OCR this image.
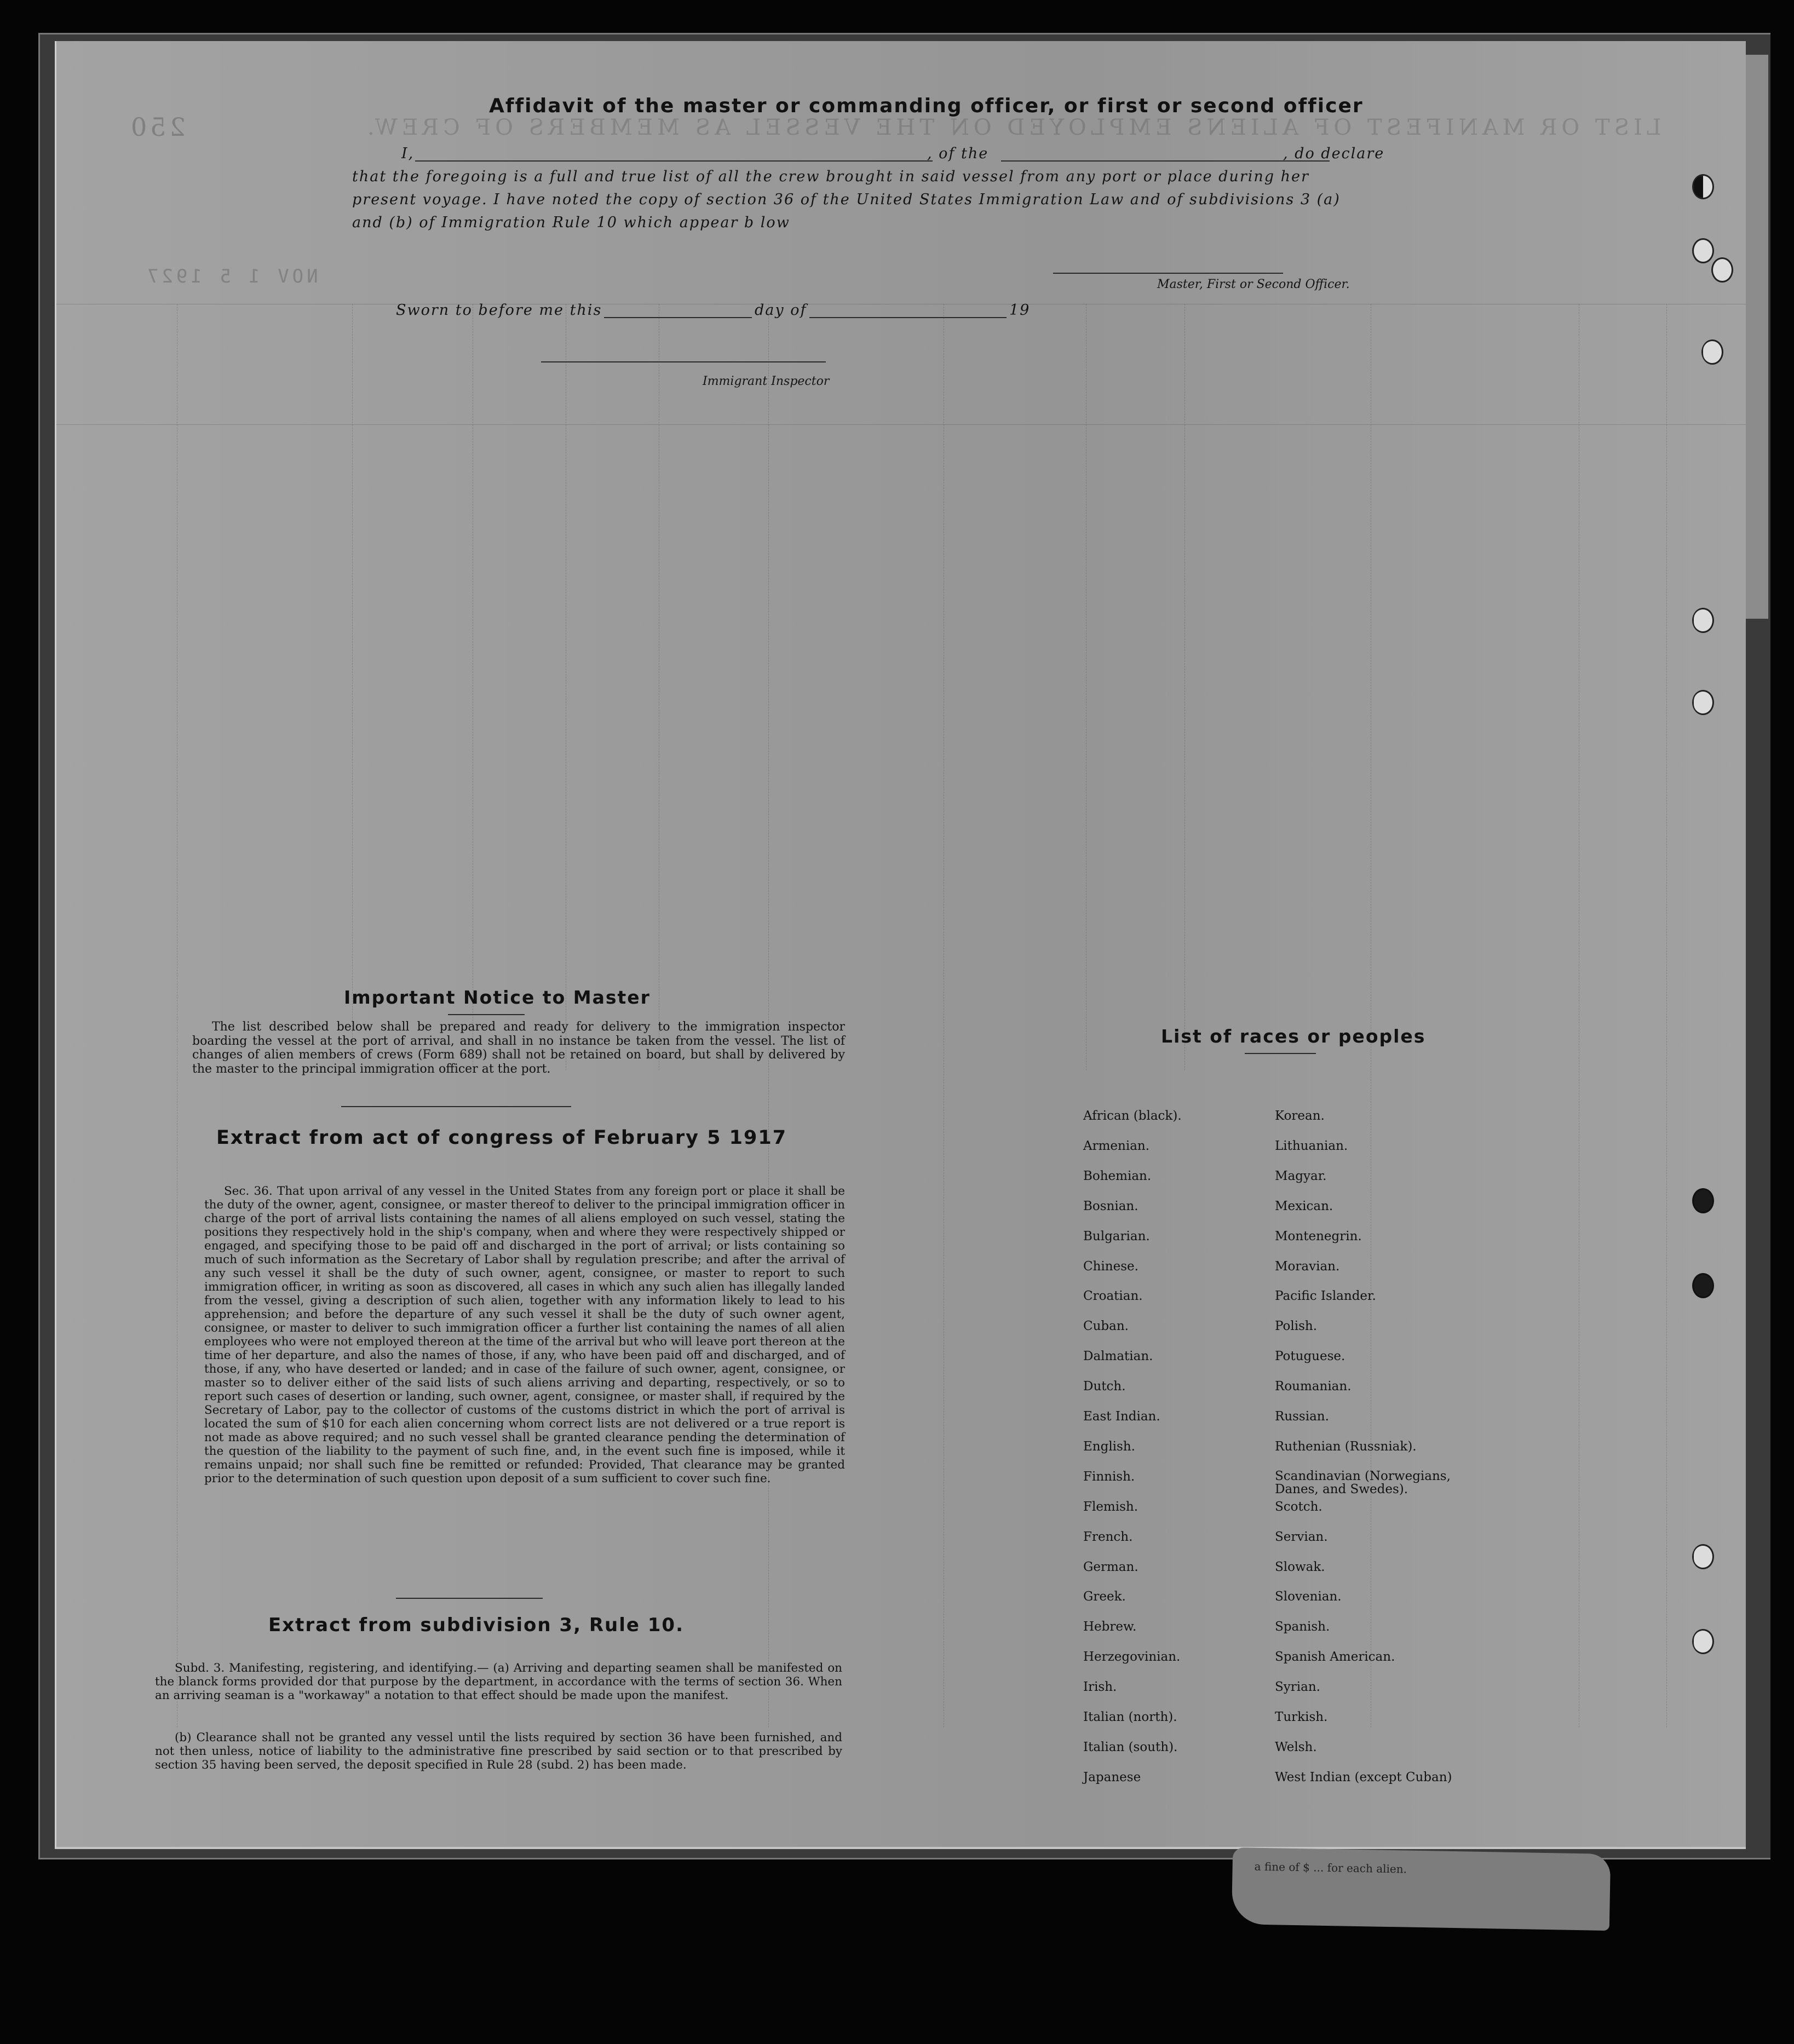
250	LIST OR MANIFEST OF ALIENS EMPLOYED ON THE VESSEL AS MEMBERS OF CREW.
NOV 1 5 1927
Affidavit of the master or commanding officer, or first or second officer
I,	, of the	, do declare
that the foregoing is a full and true list of all the crew brought in said vessel from any port or place during her
present voyage. I have noted the copy of section 36 of the United States Immigration Law and of subdivisions 3 (a)
and (b) of Immigration Rule 10 which appear b low
Master, First or Second Officer.
Sworn to before me this	day of	19
Immigrant Inspector
Important Notice to Master
The list described below shall be prepared and ready for delivery to the immigration inspector boarding the vessel at the port of arrival, and shall in no instance be taken from the vessel. The list of changes of alien members of crews (Form 689) shall not be retained on board, but shall by delivered by the master to the principal immigration officer at the port.
Extract from act of congress of February 5 1917
Sec. 36. That upon arrival of any vessel in the United States from any foreign port or place it shall be the duty of the owner, agent, consignee, or master thereof to deliver to the principal immigration officer in charge of the port of arrival lists containing the names of all aliens employed on such vessel, stating the positions they respectively hold in the ship's company, when and where they were respectively shipped or engaged, and specifying those to be paid off and discharged in the port of arrival; or lists containing so much of such information as the Secretary of Labor shall by regulation prescribe; and after the arrival of any such vessel it shall be the duty of such owner, agent, consignee, or master to report to such immigration officer, in writing as soon as discovered, all cases in which any such alien has illegally landed from the vessel, giving a description of such alien, together with any information likely to lead to his apprehension; and before the departure of any such vessel it shall be the duty of such owner agent, consignee, or master to deliver to such immigration officer a further list containing the names of all alien employees who were not employed thereon at the time of the arrival but who will leave port thereon at the time of her departure, and also the names of those, if any, who have been paid off and discharged, and of those, if any, who have deserted or landed; and in case of the failure of such owner, agent, consignee, or master so to deliver either of the said lists of such aliens arriving and departing, respectively, or so to report such cases of desertion or landing, such owner, agent, consignee, or master shall, if required by the Secretary of Labor, pay to the collector of customs of the customs district in which the port of arrival is located the sum of $10 for each alien concerning whom correct lists are not delivered or a true report is not made as above required; and no such vessel shall be granted clearance pending the determination of the question of the liability to the payment of such fine, and, in the event such fine is imposed, while it remains unpaid; nor shall such fine be remitted or refunded: Provided, That clearance may be granted prior to the determination of such question upon deposit of a sum sufficient to cover such fine.
Extract from subdivision 3, Rule 10.
Subd. 3. Manifesting, registering, and identifying.— (a) Arriving and departing seamen shall be manifested on the blanck forms provided dor that purpose by the department, in accordance with the terms of section 36. When an arriving seaman is a "workaway" a notation to that effect should be made upon the manifest.
(b) Clearance shall not be granted any vessel until the lists required by section 36 have been furnished, and not then unless, notice of liability to the administrative fine prescribed by said section or to that prescribed by section 35 having been served, the deposit specified in Rule 28 (subd. 2) has been made.
List of races or peoples
African (black).
Armenian.
Bohemian.
Bosnian.
Bulgarian.
Chinese.
Croatian.
Cuban.
Dalmatian.
Dutch.
East Indian.
English.
Finnish.
Flemish.
French.
German.
Greek.
Hebrew.
Herzegovinian.
Irish.
Italian (north).
Italian (south).
Japanese
Korean.
Lithuanian.
Magyar.
Mexican.
Montenegrin.
Moravian.
Pacific Islander.
Polish.
Potuguese.
Roumanian.
Russian.
Ruthenian (Russniak).
Scandinavian (Norwegians, Danes, and Swedes).
Scotch.
Servian.
Slowak.
Slovenian.
Spanish.
Spanish American.
Syrian.
Turkish.
Welsh.
West Indian (except Cuban)
a fine of $ ... for each alien.
